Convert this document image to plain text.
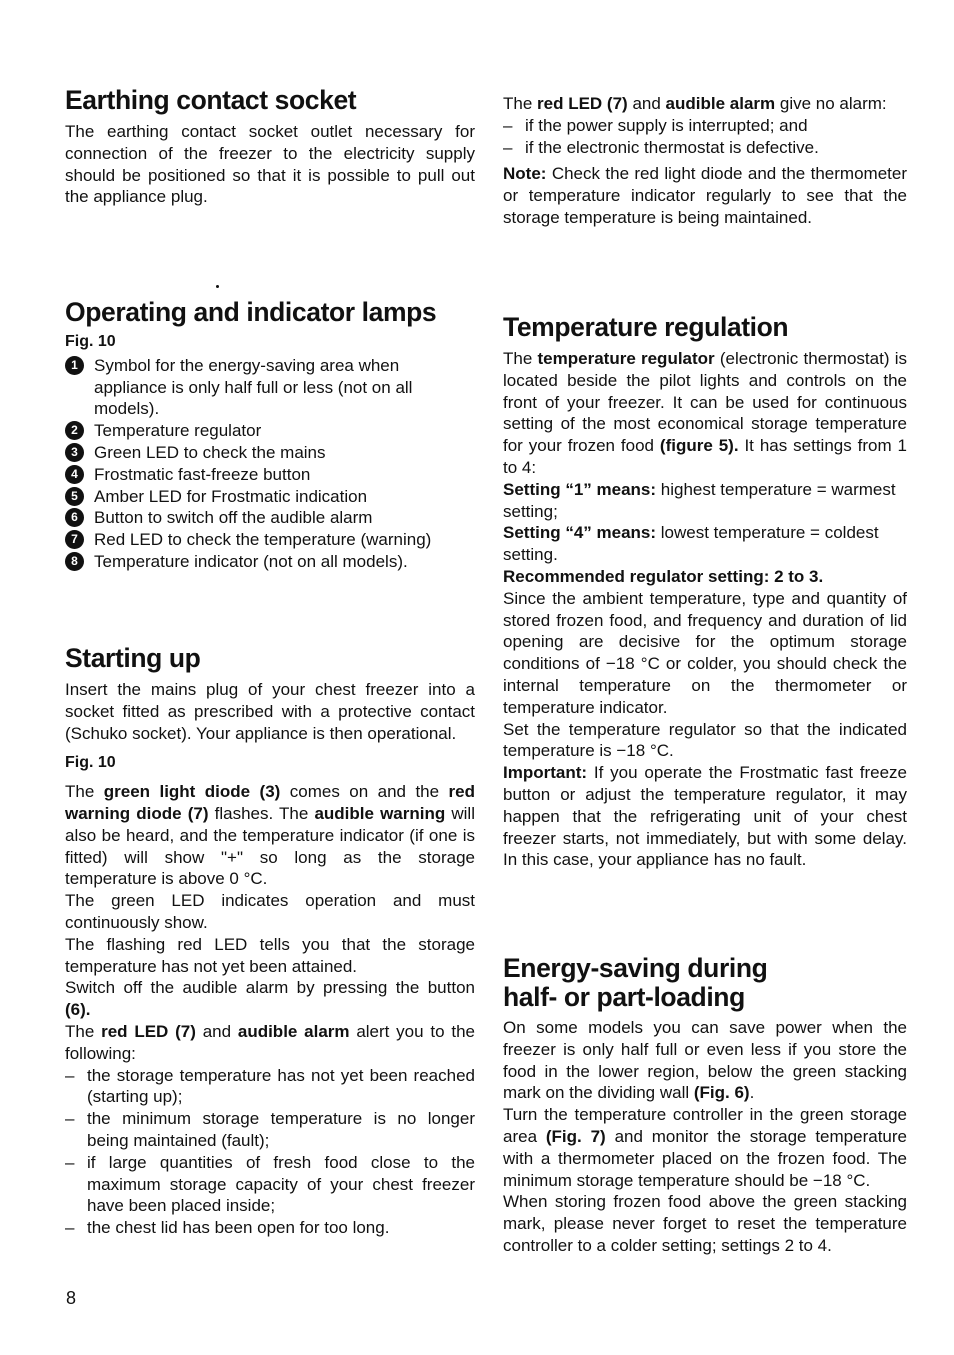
Earthing contact socket

The earthing contact socket outlet necessary for connection of the freezer to the electricity supply should be positioned so that it is possible to pull out the appliance plug.

Operating and indicator lamps
Fig. 10
1 Symbol for the energy-saving area when appliance is only half full or less (not on all models).
2 Temperature regulator
3 Green LED to check the mains
4 Frostmatic fast-freeze button
5 Amber LED for Frostmatic indication
6 Button to switch off the audible alarm
7 Red LED to check the temperature (warning)
8 Temperature indicator (not on all models).
Starting up

Insert the mains plug of your chest freezer into a socket fitted as prescribed with a protective contact (Schuko socket). Your appliance is then operational.

Fig. 10

The green light diode (3) comes on and the red warning diode (7) flashes. The audible warning will also be heard, and the temperature indicator (if one is fitted) will show "+" so long as the storage temperature is above 0 °C.

The green LED indicates operation and must continuously show.

The flashing red LED tells you that the storage temperature has not yet been attained.

Switch off the audible alarm by pressing the button (6).

The red LED (7) and audible alarm alert you to the following:

– the storage temperature has not yet been reached (starting up);
– the minimum storage temperature is no longer being maintained (fault);
– if large quantities of fresh food close to the maximum storage capacity of your chest freezer have been placed inside;
– the chest lid has been open for too long.

The red LED (7) and audible alarm give no alarm:

– if the power supply is interrupted; and
– if the electronic thermostat is defective.

Note: Check the red light diode and the thermometer or temperature indicator regularly to see that the storage temperature is being maintained.

Temperature regulation

The temperature regulator (electronic thermostat) is located beside the pilot lights and controls on the front of your freezer. It can be used for continuous setting of the most economical storage temperature for your frozen food (figure 5). It has settings from 1 to 4:

Setting “1” means: highest temperature = warmest setting;

Setting “4” means: lowest temperature = coldest setting.

Recommended regulator setting: 2 to 3.

Since the ambient temperature, type and quantity of stored frozen food, and frequency and duration of lid opening are decisive for the optimum storage conditions of −18 °C or colder, you should check the internal temperature on the thermometer or temperature indicator.

Set the temperature regulator so that the indicated temperature is −18 °C.

Important: If you operate the Frostmatic fast freeze button or adjust the temperature regulator, it may happen that the refrigerating unit of your chest freezer starts, not immediately, but with some delay. In this case, your appliance has no fault.

Energy-saving during
half- or part-loading

On some models you can save power when the freezer is only half full or even less if you store the food in the lower region, below the green stacking mark on the dividing wall (Fig. 6).

Turn the temperature controller in the green storage area (Fig. 7) and monitor the storage temperature with a thermometer placed on the frozen food. The minimum storage temperature should be −18 °C.

When storing frozen food above the green stacking mark, please never forget to reset the temperature controller to a colder setting; settings 2 to 4.

8
